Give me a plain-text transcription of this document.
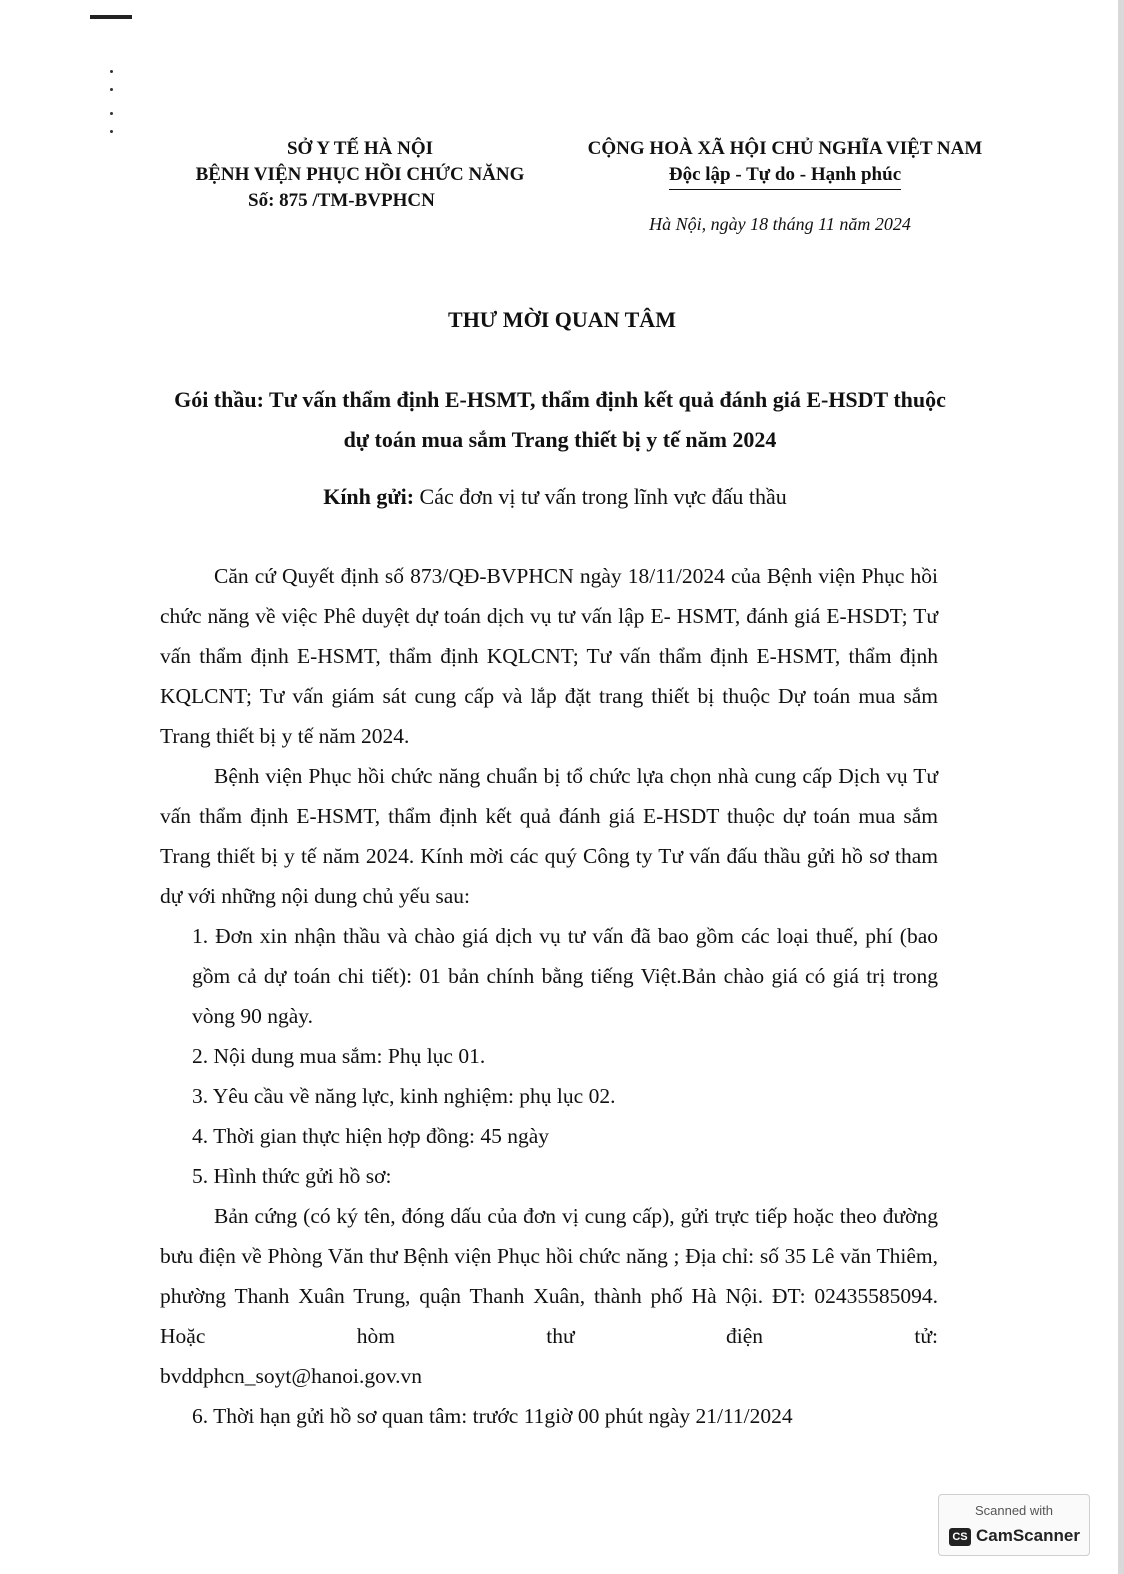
SỞ Y TẾ HÀ NỘI
BỆNH VIỆN PHỤC HỒI CHỨC NĂNG
Số: 875 /TM-BVPHCN
CỘNG HOÀ XÃ HỘI CHỦ NGHĨA VIỆT NAM
Độc lập - Tự do - Hạnh phúc
Hà Nội, ngày 18 tháng 11 năm 2024
THƯ MỜI QUAN TÂM
Gói thầu: Tư vấn thẩm định E-HSMT, thẩm định kết quả đánh giá E-HSDT thuộc dự toán mua sắm Trang thiết bị y tế năm 2024
Kính gửi: Các đơn vị tư vấn trong lĩnh vực đấu thầu

Căn cứ Quyết định số 873/QĐ-BVPHCN ngày 18/11/2024 của Bệnh viện Phục hồi chức năng về việc Phê duyệt dự toán dịch vụ tư vấn lập E- HSMT, đánh giá E-HSDT; Tư vấn thẩm định E-HSMT, thẩm định KQLCNT; Tư vấn thẩm định E-HSMT, thẩm định KQLCNT; Tư vấn giám sát cung cấp và lắp đặt trang thiết bị thuộc Dự toán mua sắm Trang thiết bị y tế năm 2024.

Bệnh viện Phục hồi chức năng chuẩn bị tổ chức lựa chọn nhà cung cấp Dịch vụ Tư vấn thẩm định E-HSMT, thẩm định kết quả đánh giá E-HSDT thuộc dự toán mua sắm Trang thiết bị y tế năm 2024. Kính mời các quý Công ty Tư vấn đấu thầu gửi hồ sơ tham dự với những nội dung chủ yếu sau:

1. Đơn xin nhận thầu và chào giá dịch vụ tư vấn đã bao gồm các loại thuế, phí (bao gồm cả dự toán chi tiết): 01 bản chính bằng tiếng Việt.Bản chào giá có giá trị trong vòng 90 ngày.

2. Nội dung mua sắm: Phụ lục 01.

3. Yêu cầu về năng lực, kinh nghiệm: phụ lục 02.

4. Thời gian thực hiện hợp đồng: 45 ngày

5. Hình thức gửi hồ sơ:

Bản cứng (có ký tên, đóng dấu của đơn vị cung cấp), gửi trực tiếp hoặc theo đường bưu điện về Phòng Văn thư Bệnh viện Phục hồi chức năng ; Địa chỉ: số 35 Lê văn Thiêm, phường Thanh Xuân Trung, quận Thanh Xuân, thành phố Hà Nội. ĐT: 02435585094. Hoặc hòm thư điện tử:

bvddphcn_soyt@hanoi.gov.vn

6. Thời hạn gửi hồ sơ quan tâm: trước 11giờ 00 phút ngày 21/11/2024

Scanned with
CS CamScanner
